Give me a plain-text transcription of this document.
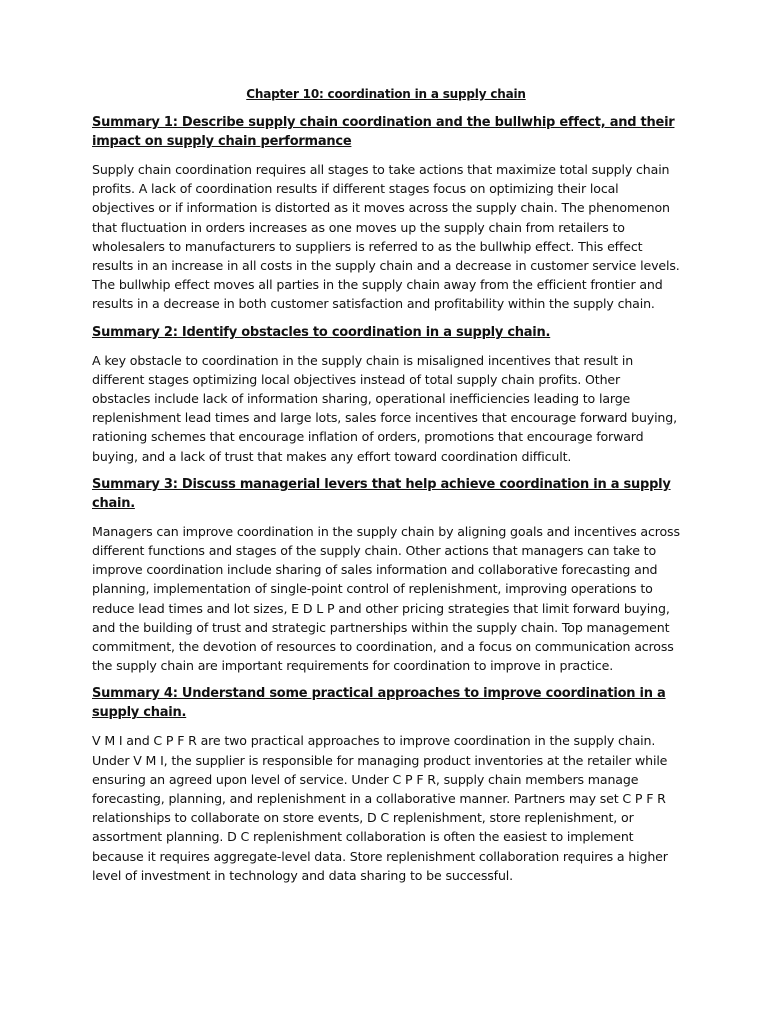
Chapter 10: coordination in a supply chain

Summary 1: Describe supply chain coordination and the bullwhip effect, and their impact on supply chain performance

Supply chain coordination requires all stages to take actions that maximize total supply chain profits. A lack of coordination results if different stages focus on optimizing their local objectives or if information is distorted as it moves across the supply chain. The phenomenon that fluctuation in orders increases as one moves up the supply chain from retailers to wholesalers to manufacturers to suppliers is referred to as the bullwhip effect. This effect results in an increase in all costs in the supply chain and a decrease in customer service levels. The bullwhip effect moves all parties in the supply chain away from the efficient frontier and results in a decrease in both customer satisfaction and profitability within the supply chain.

Summary 2: Identify obstacles to coordination in a supply chain.

A key obstacle to coordination in the supply chain is misaligned incentives that result in different stages optimizing local objectives instead of total supply chain profits. Other obstacles include lack of information sharing, operational inefficiencies leading to large replenishment lead times and large lots, sales force incentives that encourage forward buying, rationing schemes that encourage inflation of orders, promotions that encourage forward buying, and a lack of trust that makes any effort toward coordination difficult.

Summary 3: Discuss managerial levers that help achieve coordination in a supply chain.

Managers can improve coordination in the supply chain by aligning goals and incentives across different functions and stages of the supply chain. Other actions that managers can take to improve coordination include sharing of sales information and collaborative forecasting and planning, implementation of single-point control of replenishment, improving operations to reduce lead times and lot sizes, E D L P and other pricing strategies that limit forward buying, and the building of trust and strategic partnerships within the supply chain. Top management commitment, the devotion of resources to coordination, and a focus on communication across the supply chain are important requirements for coordination to improve in practice.

Summary 4: Understand some practical approaches to improve coordination in a supply chain.

V M I and C P F R are two practical approaches to improve coordination in the supply chain. Under V M I, the supplier is responsible for managing product inventories at the retailer while ensuring an agreed upon level of service. Under C P F R, supply chain members manage forecasting, planning, and replenishment in a collaborative manner. Partners may set C P F R relationships to collaborate on store events, D C replenishment, store replenishment, or assortment planning. D C replenishment collaboration is often the easiest to implement because it requires aggregate-level data. Store replenishment collaboration requires a higher level of investment in technology and data sharing to be successful.
